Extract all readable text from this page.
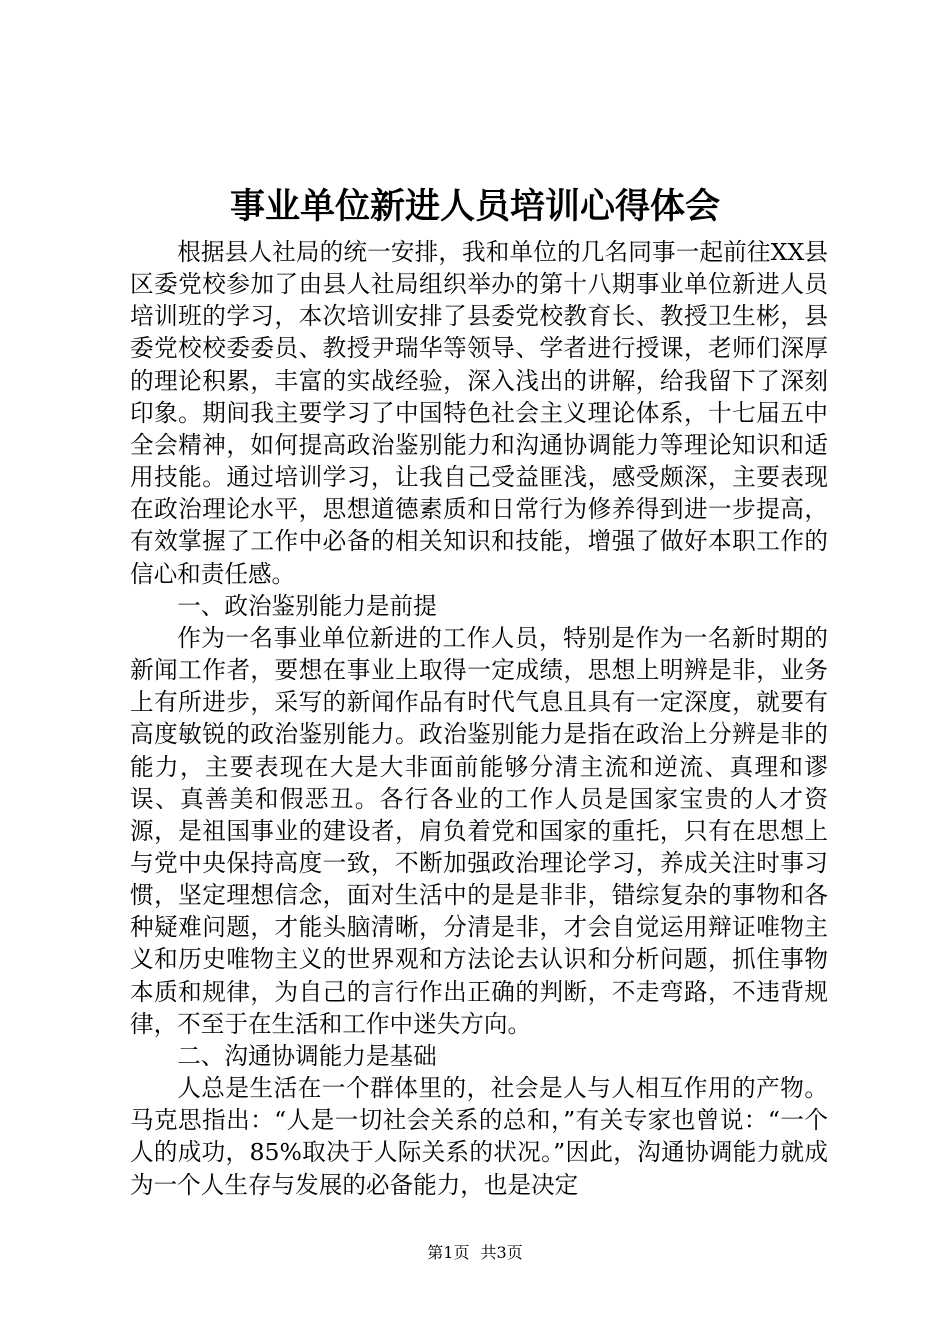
事业单位新进人员培训心得体会

根据县人社局的统一安排，我和单位的几名同事一起前往XX县区委党校参加了由县人社局组织举办的第十八期事业单位新进人员培训班的学习，本次培训安排了县委党校教育长、教授卫生彬，县委党校校委委员、教授尹瑞华等领导、学者进行授课，老师们深厚的理论积累，丰富的实战经验，深入浅出的讲解，给我留下了深刻印象。期间我主要学习了中国特色社会主义理论体系，十七届五中全会精神，如何提高政治鉴别能力和沟通协调能力等理论知识和适用技能。通过培训学习，让我自己受益匪浅，感受颇深，主要表现在政治理论水平，思想道德素质和日常行为修养得到进一步提高，有效掌握了工作中必备的相关知识和技能，增强了做好本职工作的信心和责任感。

一、政治鉴别能力是前提

作为一名事业单位新进的工作人员，特别是作为一名新时期的新闻工作者，要想在事业上取得一定成绩，思想上明辨是非，业务上有所进步，采写的新闻作品有时代气息且具有一定深度，就要有高度敏锐的政治鉴别能力。政治鉴别能力是指在政治上分辨是非的能力，主要表现在大是大非面前能够分清主流和逆流、真理和谬误、真善美和假恶丑。各行各业的工作人员是国家宝贵的人才资源，是祖国事业的建设者，肩负着党和国家的重托，只有在思想上与党中央保持高度一致，不断加强政治理论学习，养成关注时事习惯，坚定理想信念，面对生活中的是是非非，错综复杂的事物和各种疑难问题，才能头脑清晰，分清是非，才会自觉运用辩证唯物主义和历史唯物主义的世界观和方法论去认识和分析问题，抓住事物本质和规律，为自己的言行作出正确的判断，不走弯路，不违背规律，不至于在生活和工作中迷失方向。

二、沟通协调能力是基础

人总是生活在一个群体里的，社会是人与人相互作用的产物。马克思指出：“人是一切社会关系的总和，”有关专家也曾说：“一个人的成功，85%取决于人际关系的状况。”因此，沟通协调能力就成为一个人生存与发展的必备能力，也是决定

第1页 共3页
